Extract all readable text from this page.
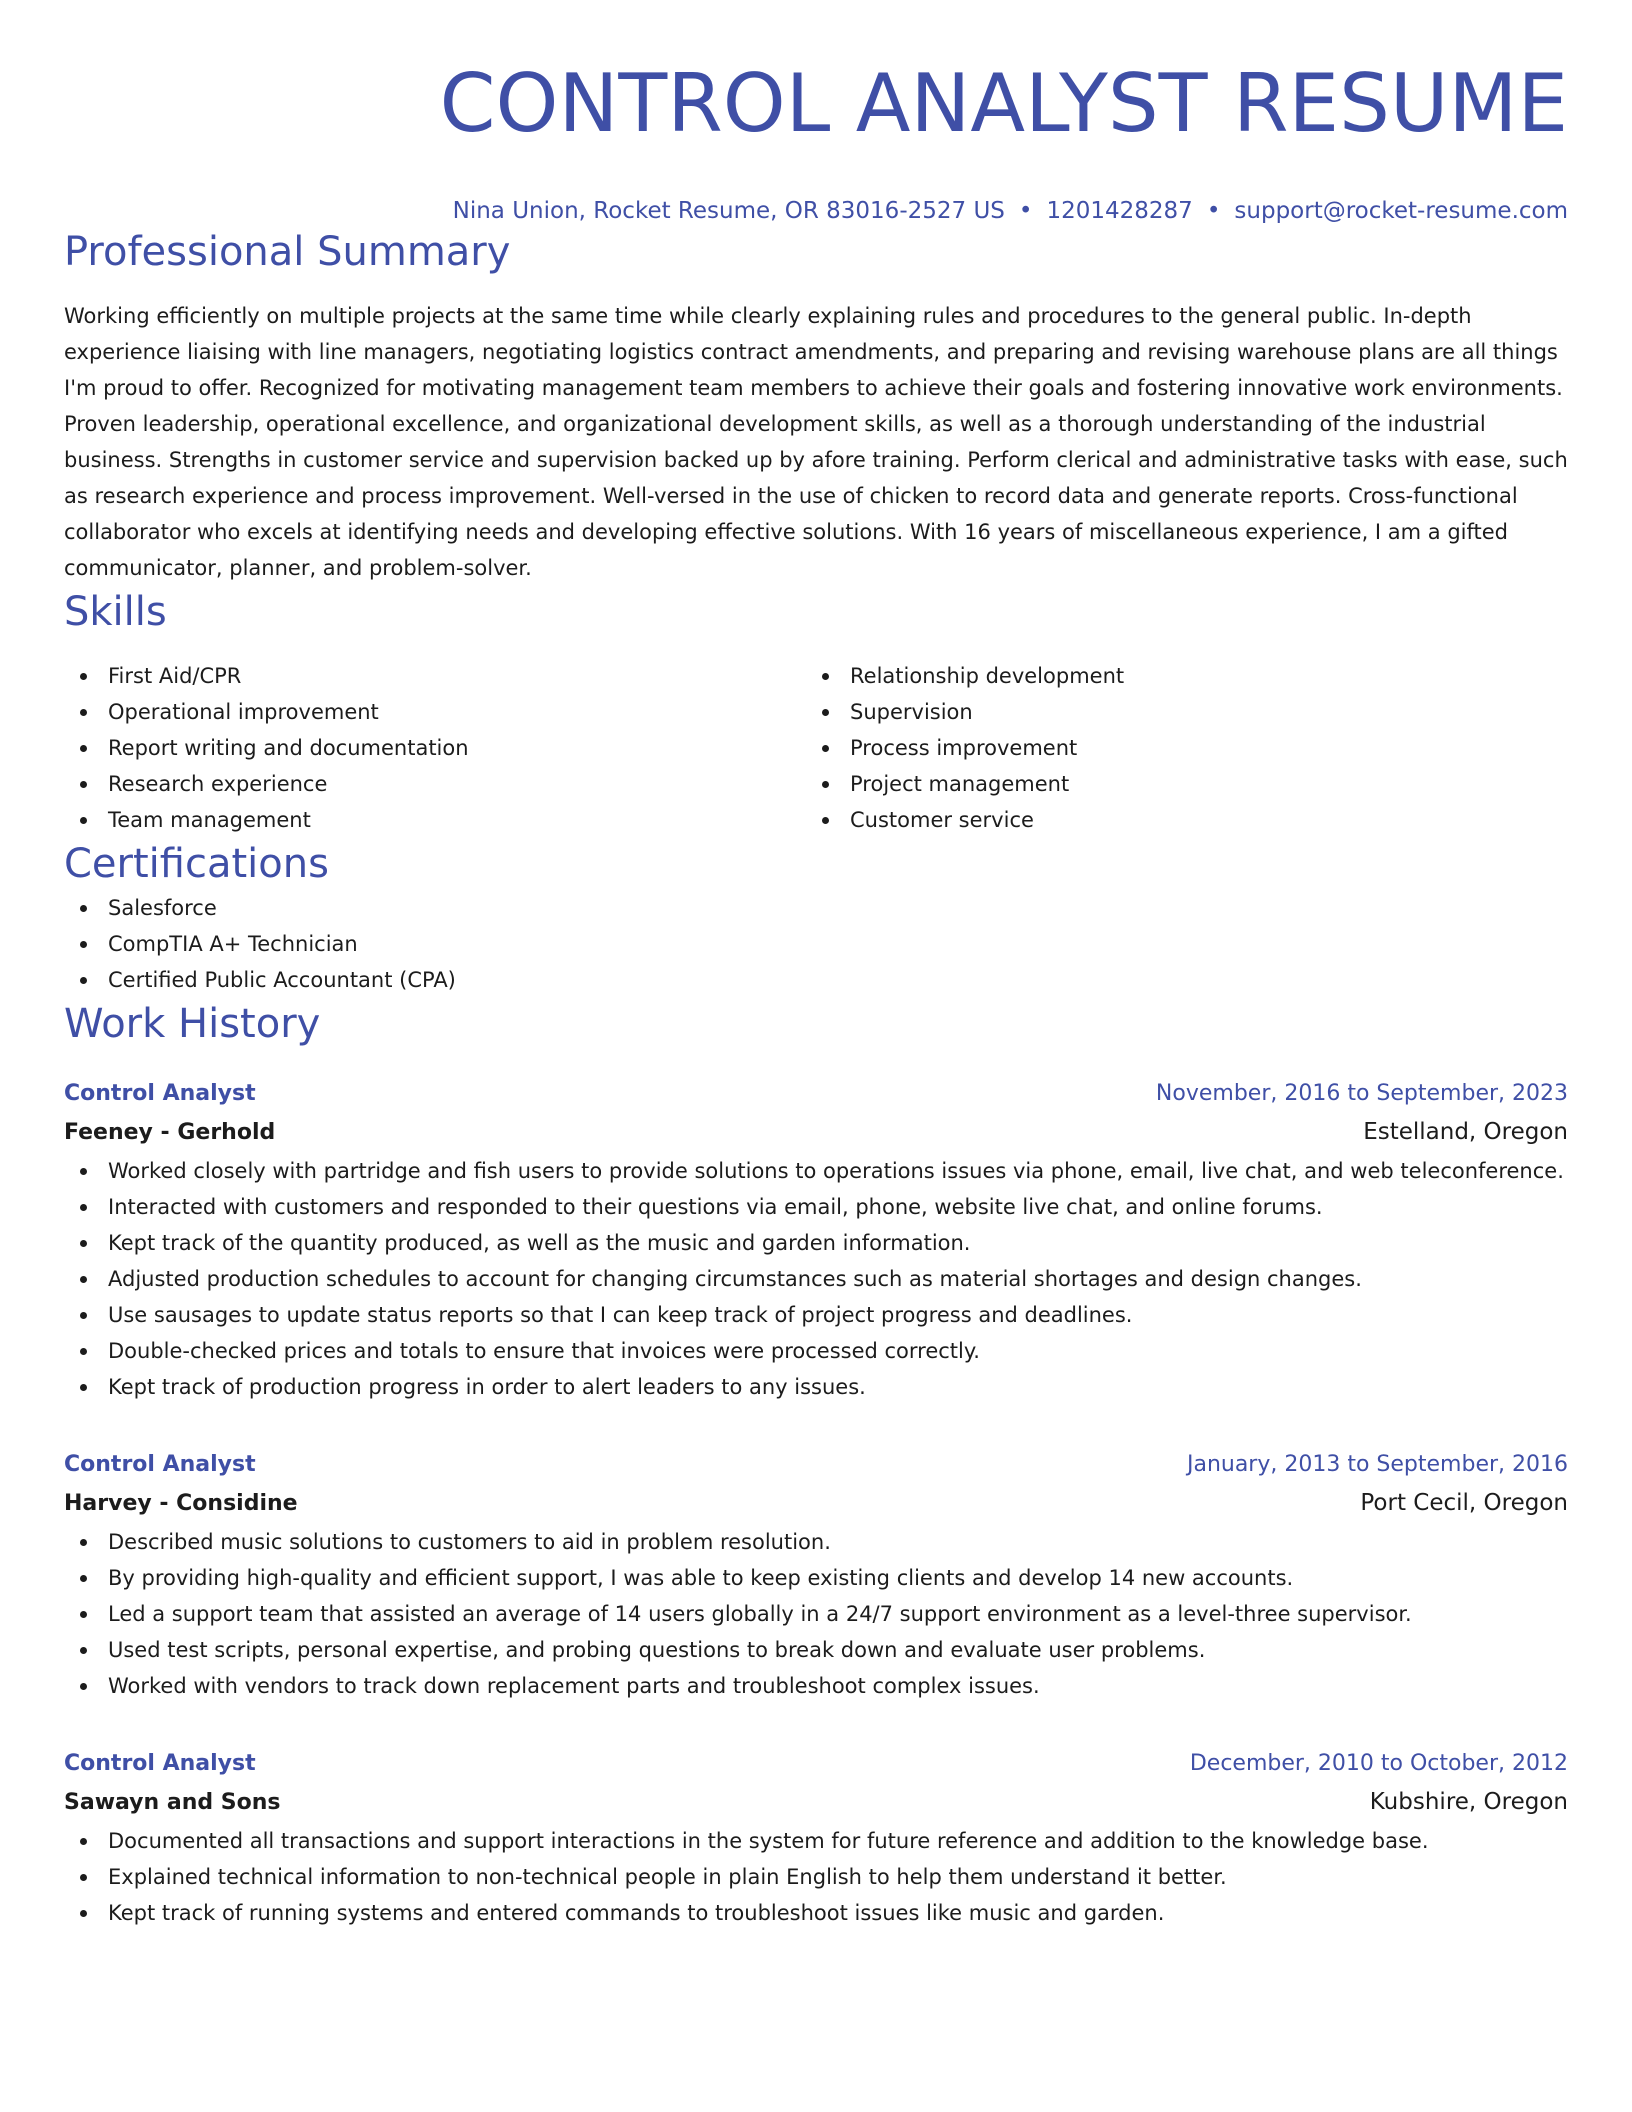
CONTROL ANALYST RESUME
Nina Union, Rocket Resume, OR 83016-2527 US • 1201428287 • support@rocket-resume.com
Professional Summary
Working efficiently on multiple projects at the same time while clearly explaining rules and procedures to the general public. In-depth experience liaising with line managers, negotiating logistics contract amendments, and preparing and revising warehouse plans are all things I'm proud to offer. Recognized for motivating management team members to achieve their goals and fostering innovative work environments. Proven leadership, operational excellence, and organizational development skills, as well as a thorough understanding of the industrial business. Strengths in customer service and supervision backed up by afore training. Perform clerical and administrative tasks with ease, such as research experience and process improvement. Well-versed in the use of chicken to record data and generate reports. Cross-functional collaborator who excels at identifying needs and developing effective solutions. With 16 years of miscellaneous experience, I am a gifted communicator, planner, and problem-solver.
Skills
First Aid/CPR
Operational improvement
Report writing and documentation
Research experience
Team management
Relationship development
Supervision
Process improvement
Project management
Customer service
Certifications
Salesforce
CompTIA A+ Technician
Certified Public Accountant (CPA)
Work History
Control Analyst	November, 2016 to September, 2023
Feeney - Gerhold	Estelland, Oregon
Worked closely with partridge and fish users to provide solutions to operations issues via phone, email, live chat, and web teleconference.
Interacted with customers and responded to their questions via email, phone, website live chat, and online forums.
Kept track of the quantity produced, as well as the music and garden information.
Adjusted production schedules to account for changing circumstances such as material shortages and design changes.
Use sausages to update status reports so that I can keep track of project progress and deadlines.
Double-checked prices and totals to ensure that invoices were processed correctly.
Kept track of production progress in order to alert leaders to any issues.
Control Analyst	January, 2013 to September, 2016
Harvey - Considine	Port Cecil, Oregon
Described music solutions to customers to aid in problem resolution.
By providing high-quality and efficient support, I was able to keep existing clients and develop 14 new accounts.
Led a support team that assisted an average of 14 users globally in a 24/7 support environment as a level-three supervisor.
Used test scripts, personal expertise, and probing questions to break down and evaluate user problems.
Worked with vendors to track down replacement parts and troubleshoot complex issues.
Control Analyst	December, 2010 to October, 2012
Sawayn and Sons	Kubshire, Oregon
Documented all transactions and support interactions in the system for future reference and addition to the knowledge base.
Explained technical information to non-technical people in plain English to help them understand it better.
Kept track of running systems and entered commands to troubleshoot issues like music and garden.
